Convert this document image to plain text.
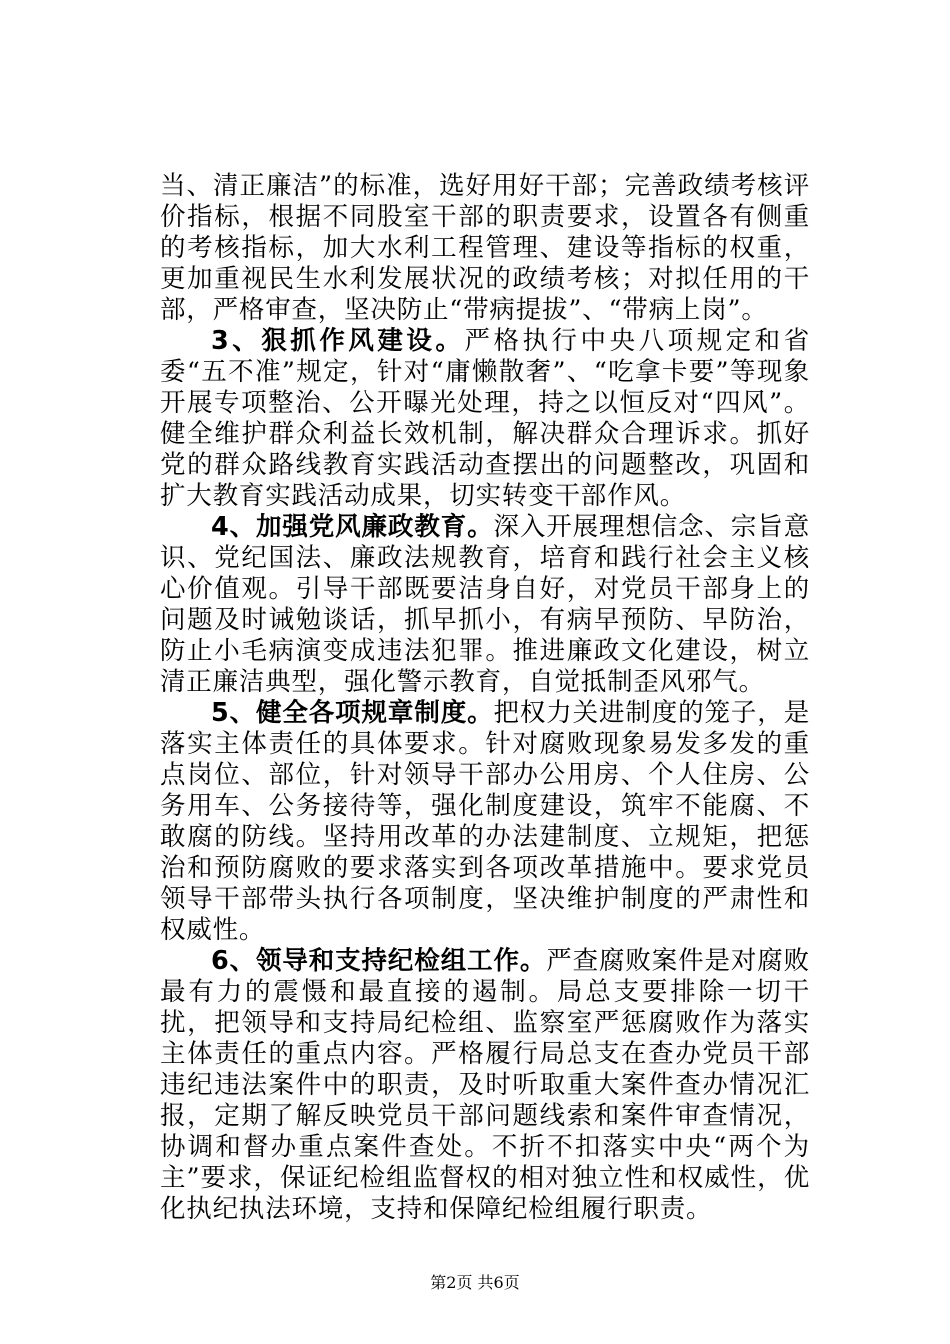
当、清正廉洁”的标准，选好用好干部；完善政绩考核评价指标，根据不同股室干部的职责要求，设置各有侧重的考核指标，加大水利工程管理、建设等指标的权重，更加重视民生水利发展状况的政绩考核；对拟任用的干部，严格审查，坚决防止“带病提拔”、“带病上岗”。

3、狠抓作风建设。严格执行中央八项规定和省委“五不准”规定，针对“庸懒散奢”、“吃拿卡要”等现象开展专项整治、公开曝光处理，持之以恒反对“四风”。健全维护群众利益长效机制，解决群众合理诉求。抓好党的群众路线教育实践活动查摆出的问题整改，巩固和扩大教育实践活动成果，切实转变干部作风。

4、加强党风廉政教育。深入开展理想信念、宗旨意识、党纪国法、廉政法规教育，培育和践行社会主义核心价值观。引导干部既要洁身自好，对党员干部身上的问题及时诫勉谈话，抓早抓小，有病早预防、早防治，防止小毛病演变成违法犯罪。推进廉政文化建设，树立清正廉洁典型，强化警示教育，自觉抵制歪风邪气。

5、健全各项规章制度。把权力关进制度的笼子，是落实主体责任的具体要求。针对腐败现象易发多发的重点岗位、部位，针对领导干部办公用房、个人住房、公务用车、公务接待等，强化制度建设，筑牢不能腐、不敢腐的防线。坚持用改革的办法建制度、立规矩，把惩治和预防腐败的要求落实到各项改革措施中。要求党员领导干部带头执行各项制度，坚决维护制度的严肃性和权威性。

6、领导和支持纪检组工作。严查腐败案件是对腐败最有力的震慑和最直接的遏制。局总支要排除一切干扰，把领导和支持局纪检组、监察室严惩腐败作为落实主体责任的重点内容。严格履行局总支在查办党员干部违纪违法案件中的职责，及时听取重大案件查办情况汇报，定期了解反映党员干部问题线索和案件审查情况，协调和督办重点案件查处。不折不扣落实中央“两个为主”要求，保证纪检组监督权的相对独立性和权威性，优化执纪执法环境，支持和保障纪检组履行职责。

第2页 共6页
